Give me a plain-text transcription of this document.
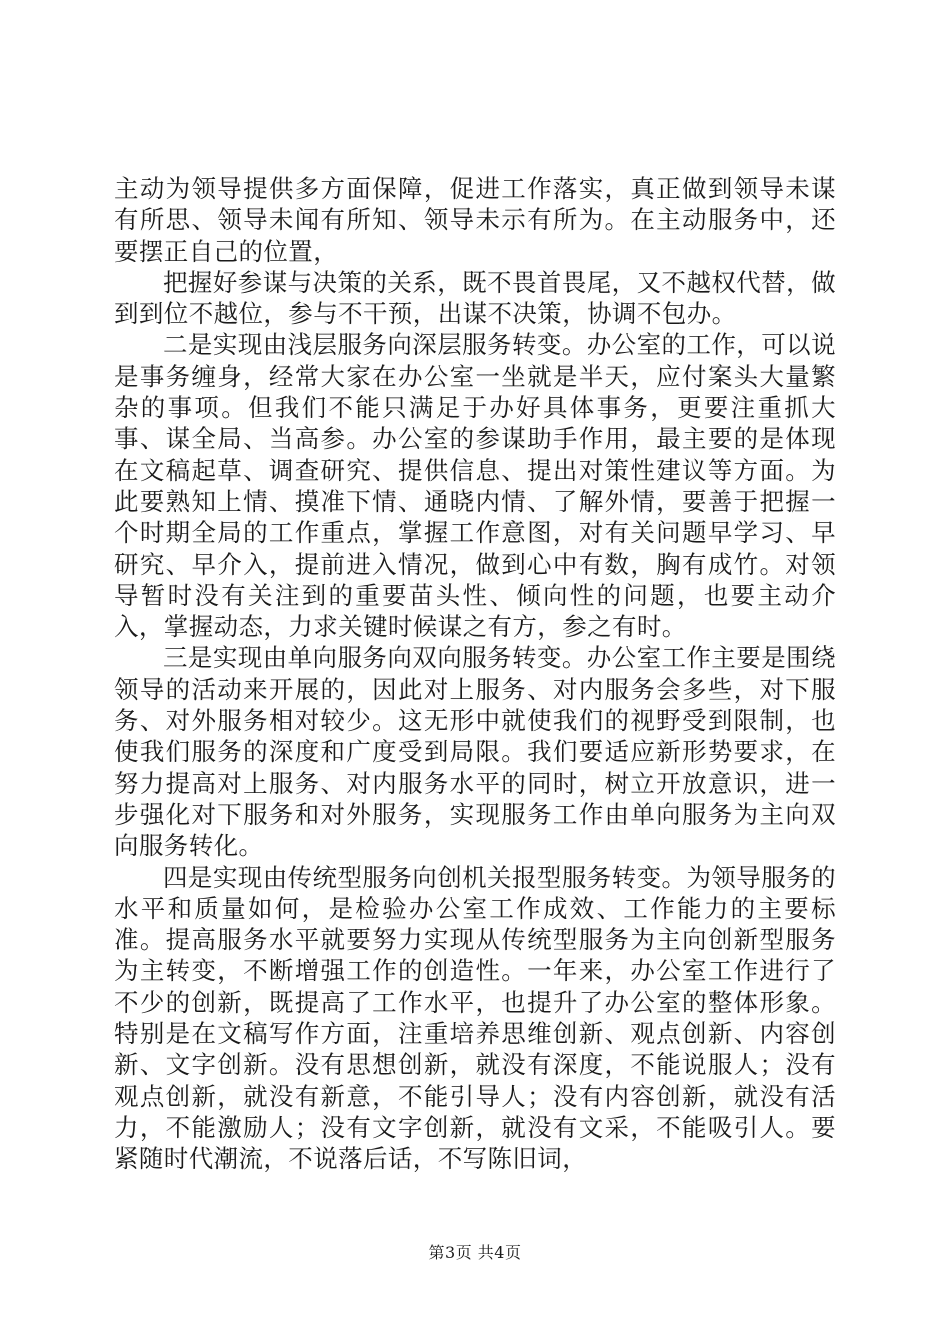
主动为领导提供多方面保障，促进工作落实，真正做到领导未谋有所思、领导未闻有所知、领导未示有所为。在主动服务中，还要摆正自己的位置，

把握好参谋与决策的关系，既不畏首畏尾，又不越权代替，做到到位不越位，参与不干预，出谋不决策，协调不包办。

二是实现由浅层服务向深层服务转变。办公室的工作，可以说是事务缠身，经常大家在办公室一坐就是半天，应付案头大量繁杂的事项。但我们不能只满足于办好具体事务，更要注重抓大事、谋全局、当高参。办公室的参谋助手作用，最主要的是体现在文稿起草、调查研究、提供信息、提出对策性建议等方面。为此要熟知上情、摸准下情、通晓内情、了解外情，要善于把握一个时期全局的工作重点，掌握工作意图，对有关问题早学习、早研究、早介入，提前进入情况，做到心中有数，胸有成竹。对领导暂时没有关注到的重要苗头性、倾向性的问题，也要主动介入，掌握动态，力求关键时候谋之有方，参之有时。

三是实现由单向服务向双向服务转变。办公室工作主要是围绕领导的活动来开展的，因此对上服务、对内服务会多些，对下服务、对外服务相对较少。这无形中就使我们的视野受到限制，也使我们服务的深度和广度受到局限。我们要适应新形势要求，在努力提高对上服务、对内服务水平的同时，树立开放意识，进一步强化对下服务和对外服务，实现服务工作由单向服务为主向双向服务转化。

四是实现由传统型服务向创机关报型服务转变。为领导服务的水平和质量如何，是检验办公室工作成效、工作能力的主要标准。提高服务水平就要努力实现从传统型服务为主向创新型服务为主转变，不断增强工作的创造性。一年来，办公室工作进行了不少的创新，既提高了工作水平，也提升了办公室的整体形象。特别是在文稿写作方面，注重培养思维创新、观点创新、内容创新、文字创新。没有思想创新，就没有深度，不能说服人；没有观点创新，就没有新意，不能引导人；没有内容创新，就没有活力，不能激励人；没有文字创新，就没有文采，不能吸引人。要紧随时代潮流，不说落后话，不写陈旧词，

第3页 共4页
